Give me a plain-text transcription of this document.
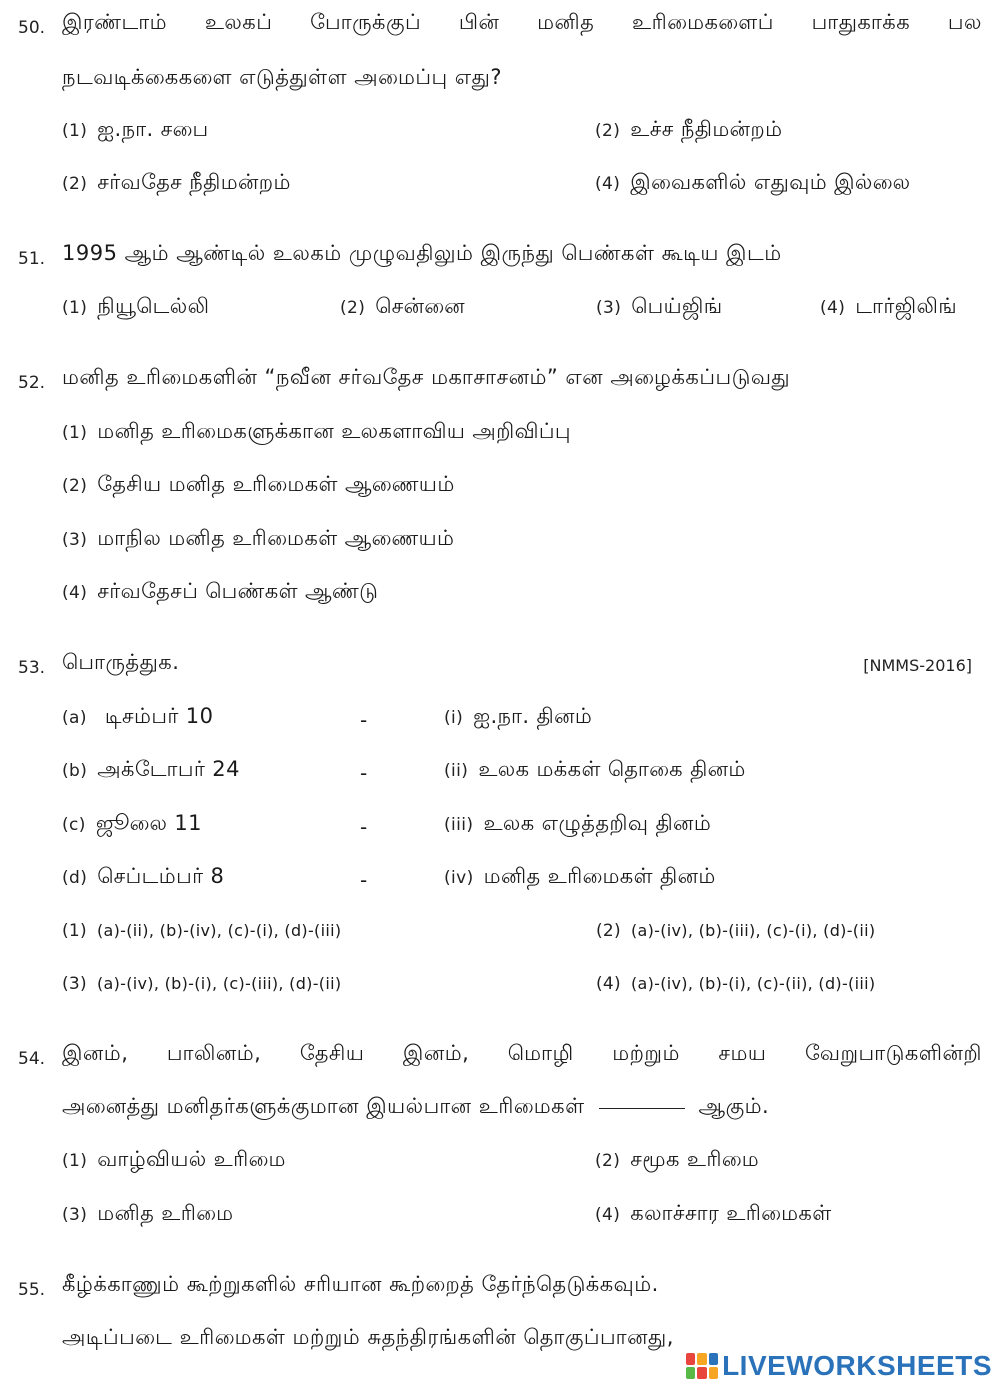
50. இரண்டாம் உலகப் போருக்குப் பின் மனித உரிமைகளைப் பாதுகாக்க பல
நடவடிக்கைகளை எடுத்துள்ள அமைப்பு எது?
(1) ஐ.நா. சபை	(2) உச்ச நீதிமன்றம்
(2) சர்வதேச நீதிமன்றம்	(4) இவைகளில் எதுவும் இல்லை
51. 1995 ஆம் ஆண்டில் உலகம் முழுவதிலும் இருந்து பெண்கள் கூடிய இடம்
(1) நியூடெல்லி	(2) சென்னை	(3) பெய்ஜிங்	(4) டார்ஜிலிங்
52. மனித உரிமைகளின் “நவீன சர்வதேச மகாசாசனம்” என அழைக்கப்படுவது
(1) மனித உரிமைகளுக்கான உலகளாவிய அறிவிப்பு
(2) தேசிய மனித உரிமைகள் ஆணையம்
(3) மாநில மனித உரிமைகள் ஆணையம்
(4) சர்வதேசப் பெண்கள் ஆண்டு
53. பொருத்துக.	[NMMS-2016]
(a) டிசம்பர் 10	-	(i) ஐ.நா. தினம்
(b) அக்டோபர் 24	-	(ii) உலக மக்கள் தொகை தினம்
(c) ஜூலை 11	-	(iii) உலக எழுத்தறிவு தினம்
(d) செப்டம்பர் 8	-	(iv) மனித உரிமைகள் தினம்
(1) (a)-(ii), (b)-(iv), (c)-(i), (d)-(iii)	(2) (a)-(iv), (b)-(iii), (c)-(i), (d)-(ii)
(3) (a)-(iv), (b)-(i), (c)-(iii), (d)-(ii)	(4) (a)-(iv), (b)-(i), (c)-(ii), (d)-(iii)
54. இனம், பாலினம், தேசிய இனம், மொழி மற்றும் சமய வேறுபாடுகளின்றி
அனைத்து மனிதர்களுக்குமான இயல்பான உரிமைகள்	ஆகும்.
(1) வாழ்வியல் உரிமை	(2) சமூக உரிமை
(3) மனித உரிமை	(4) கலாச்சார உரிமைகள்
55. கீழ்க்காணும் கூற்றுகளில் சரியான கூற்றைத் தேர்ந்தெடுக்கவும்.
அடிப்படை உரிமைகள் மற்றும் சுதந்திரங்களின் தொகுப்பானது,
LIVEWORKSHEETS
